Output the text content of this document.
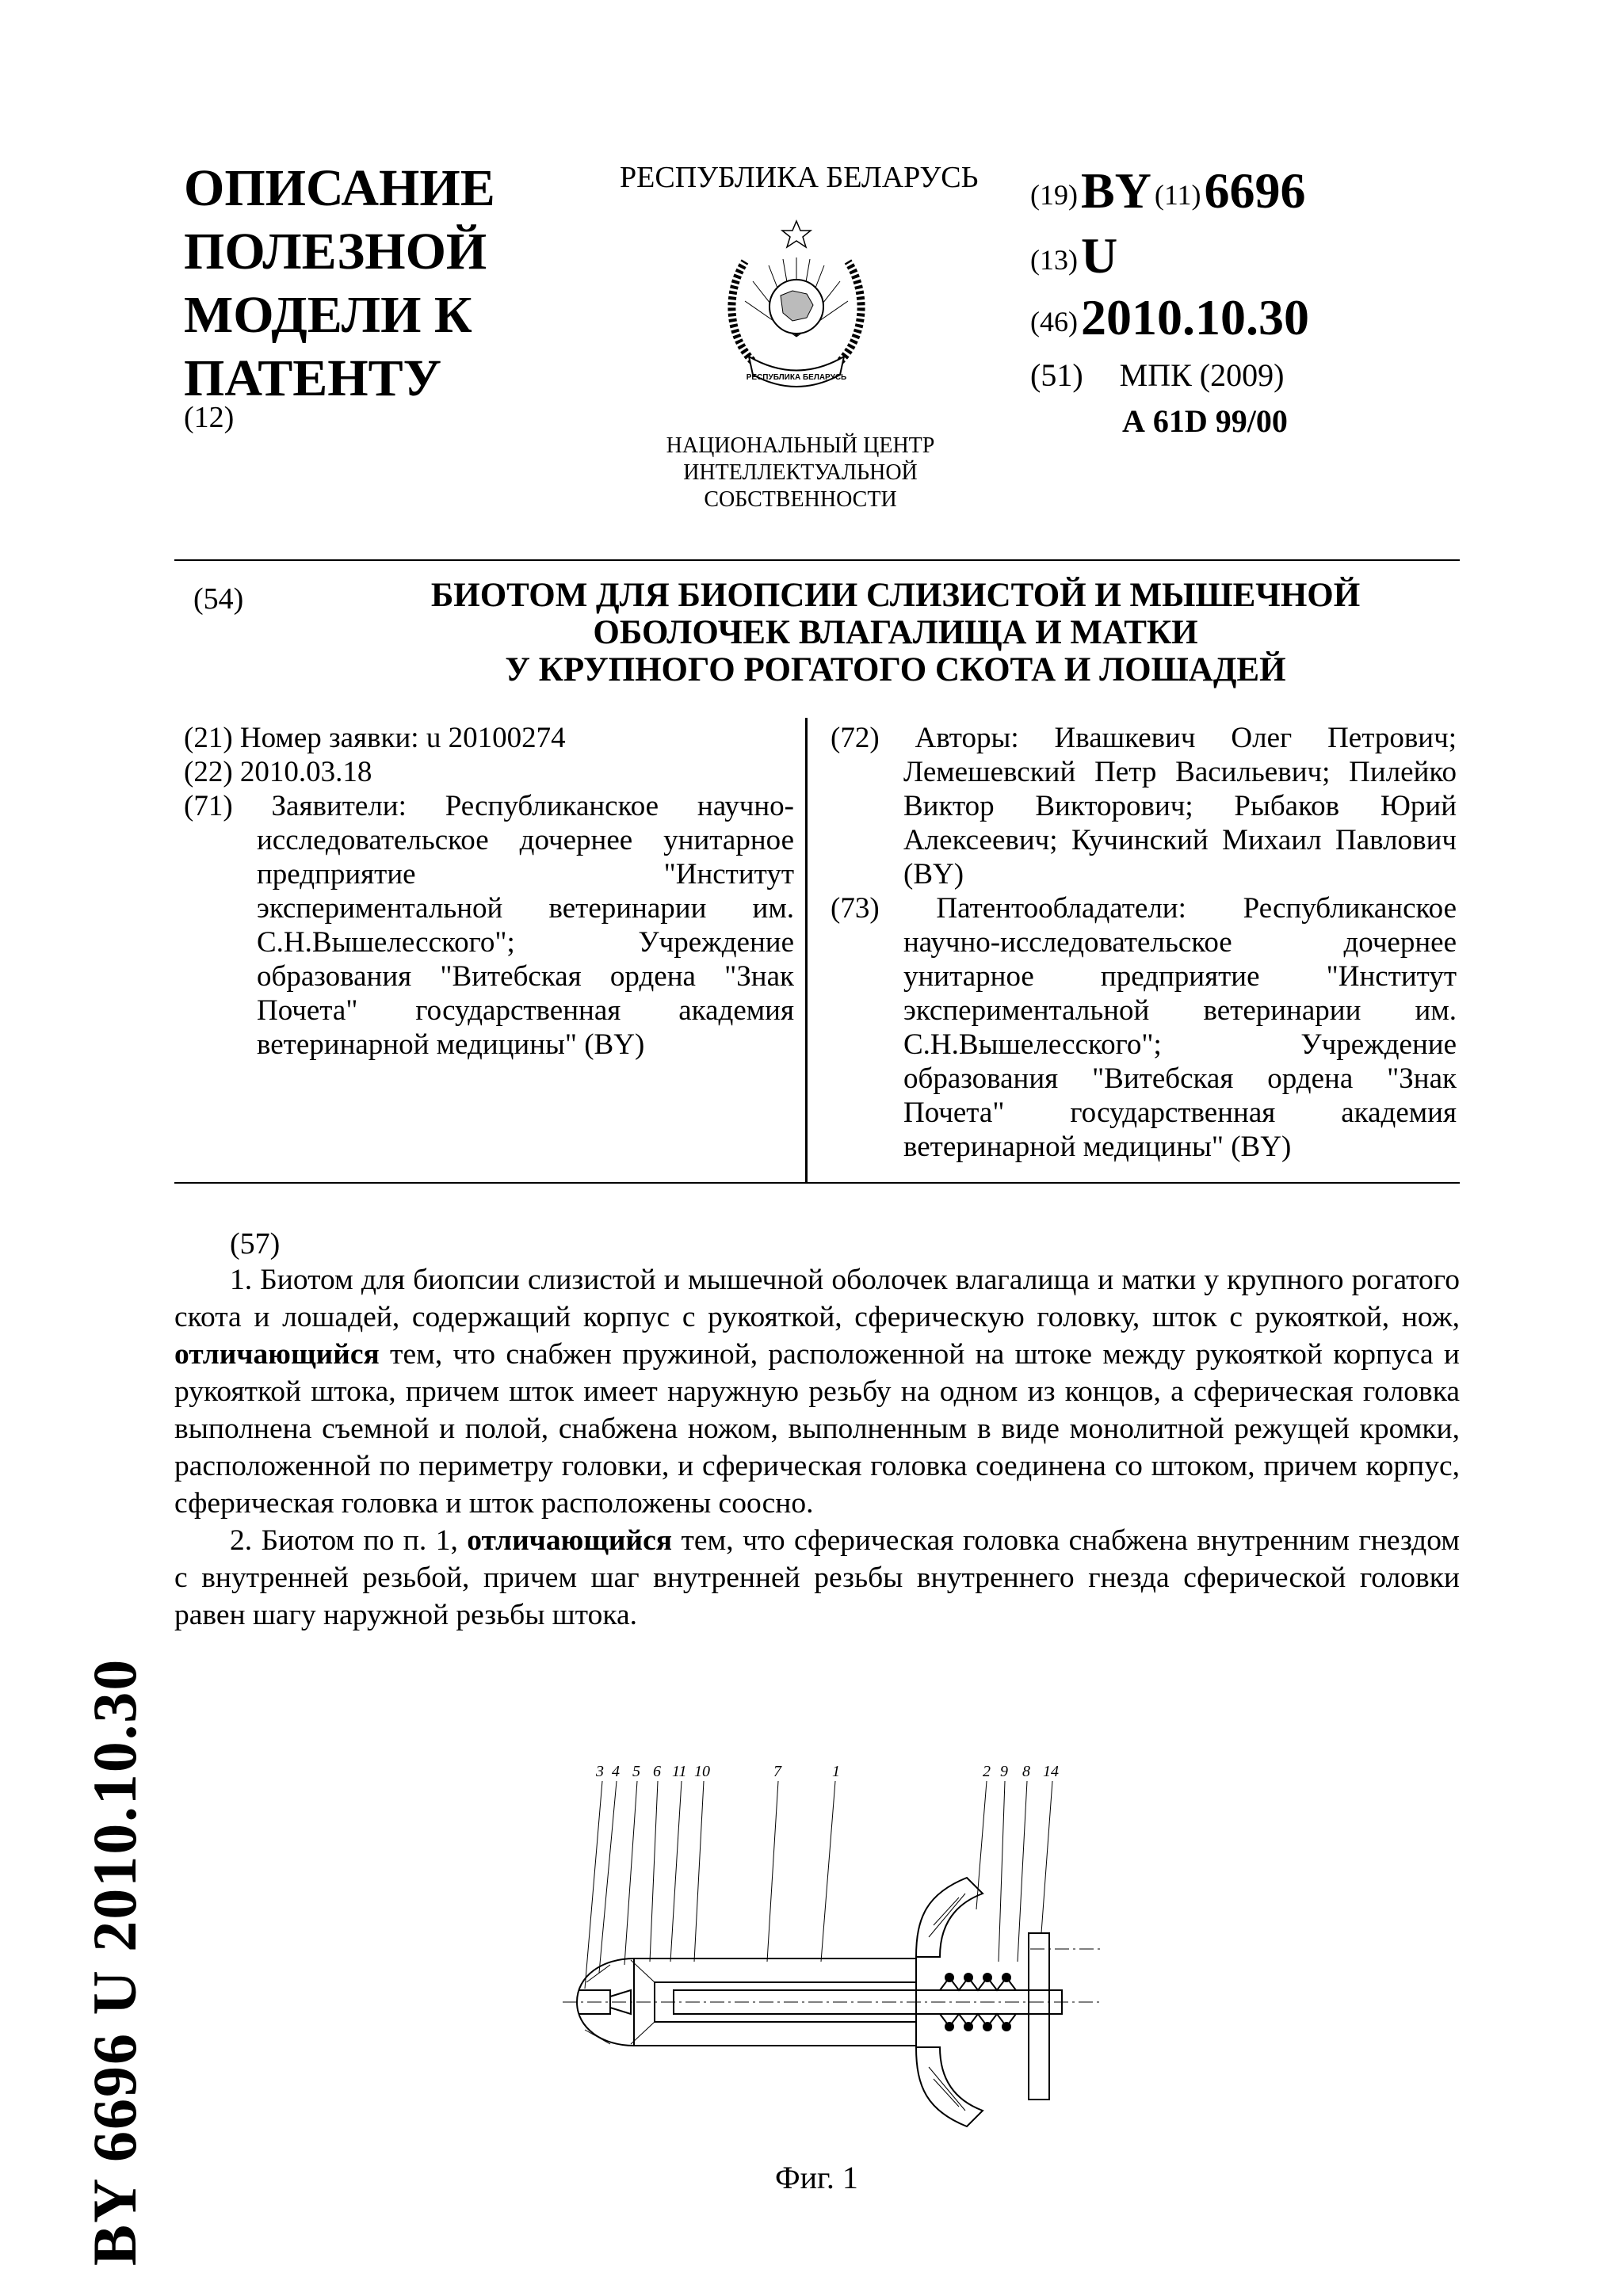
ОПИСАНИЕ
ПОЛЕЗНОЙ
МОДЕЛИ К
ПАТЕНТУ
(12)
РЕСПУБЛИКА БЕЛАРУСЬ
РЕСПУБЛИКА БЕЛАРУСЬ
НАЦИОНАЛЬНЫЙ ЦЕНТР
ИНТЕЛЛЕКТУАЛЬНОЙ
СОБСТВЕННОСТИ
(19) BY (11) 6696
(13) U
(46) 2010.10.30
(51) МПК (2009)
А 61D 99/00
(54)	БИОТОМ ДЛЯ БИОПСИИ СЛИЗИСТОЙ И МЫШЕЧНОЙ
ОБОЛОЧЕК ВЛАГАЛИЩА И МАТКИ
У КРУПНОГО РОГАТОГО СКОТА И ЛОШАДЕЙ
(21) Номер заявки: u 20100274
(22) 2010.03.18
(71) Заявители: Республиканское научно-исследовательское дочернее унитарное предприятие "Институт экспериментальной ветеринарии им. С.Н.Вышелесского"; Учреждение образования "Витебская ордена "Знак Почета" государственная академия ветеринарной медицины" (BY)
(72) Авторы: Ивашкевич Олег Петрович; Лемешевский Петр Васильевич; Пилейко Виктор Викторович; Рыбаков Юрий Алексеевич; Кучинский Михаил Павлович (BY)
(73) Патентообладатели: Республиканское научно-исследовательское дочернее унитарное предприятие "Институт экспериментальной ветеринарии им. С.Н.Вышелесского"; Учреждение образования "Витебская ордена "Знак Почета" государственная академия ветеринарной медицины" (BY)
(57)

1. Биотом для биопсии слизистой и мышечной оболочек влагалища и матки у крупного рогатого скота и лошадей, содержащий корпус с рукояткой, сферическую головку, шток с рукояткой, нож, отличающийся тем, что снабжен пружиной, расположенной на штоке между рукояткой корпуса и рукояткой штока, причем шток имеет наружную резьбу на одном из концов, а сферическая головка выполнена съемной и полой, снабжена ножом, выполненным в виде монолитной режущей кромки, расположенной по периметру головки, и сферическая головка соединена со штоком, причем корпус, сферическая головка и шток расположены соосно.

2. Биотом по п. 1, отличающийся тем, что сферическая головка снабжена внутренним гнездом с внутренней резьбой, причем шаг внутренней резьбы внутреннего гнезда сферической головки равен шагу наружной резьбы штока.

3 4 5 6 11 10	7	1	2 9 8 14
Фиг. 1
BY 6696 U 2010.10.30
